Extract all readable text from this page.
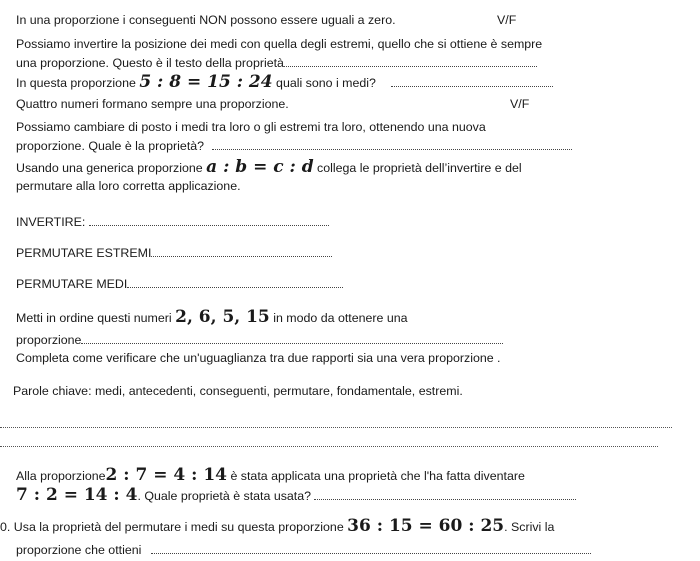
In una proporzione i conseguenti NON possono essere uguali a zero.	V/F
Possiamo invertire la posizione dei medi con quella degli estremi, quello che si ottiene è sempre
una proporzione. Questo è il testo della proprietà
In questa proporzione 5 : 8 = 15 : 24 quali sono i medi?
Quattro numeri formano sempre una proporzione.	V/F
Possiamo cambiare di posto i medi tra loro o gli estremi tra loro, ottenendo una nuova
proporzione. Quale è la proprietà?
Usando una generica proporzione a : b = c : d collega le proprietà dell’invertire e del
permutare alla loro corretta applicazione.
INVERTIRE:
PERMUTARE ESTREMI
PERMUTARE MEDI
Metti in ordine questi numeri 2, 6, 5, 15 in modo da ottenere una
proporzione
Completa come verificare che un'uguaglianza tra due rapporti sia una vera proporzione .
Parole chiave: medi, antecedenti, conseguenti, permutare, fondamentale, estremi.
Alla proporzione2 : 7 = 4 : 14 è stata applicata una proprietà che l'ha fatta diventare
7 : 2 = 14 : 4. Quale proprietà è stata usata?
0. Usa la proprietà del permutare i medi su questa proporzione 36 : 15 = 60 : 25. Scrivi la
proporzione che ottieni
